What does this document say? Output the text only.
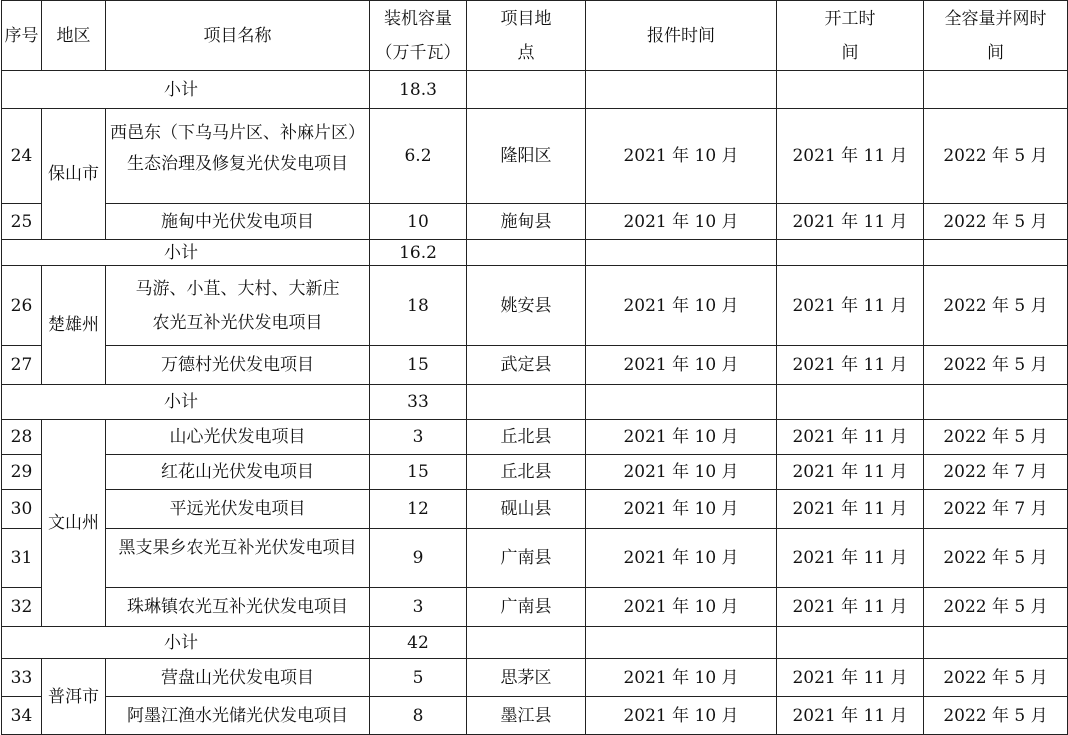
序号	地区	项目名称	装机容量（万千瓦）	项目地点	报件时间	开工时间	全容量并网时间
小计			18.3				
24	保山市	西邑东（下乌马片区、补麻片区）生态治理及修复光伏发电项目	6.2	隆阳区	2021 年 10 月	2021 年 11 月	2022 年 5 月
25		施甸中光伏发电项目	10	施甸县	2021 年 10 月	2021 年 11 月	2022 年 5 月
小计			16.2				
26	楚雄州	马游、小苴、大村、大新庄农光互补光伏发电项目	18	姚安县	2021 年 10 月	2021 年 11 月	2022 年 5 月
27		万德村光伏发电项目	15	武定县	2021 年 10 月	2021 年 11 月	2022 年 5 月
小计			33				
28	文山州	山心光伏发电项目	3	丘北县	2021 年 10 月	2021 年 11 月	2022 年 5 月
29		红花山光伏发电项目	15	丘北县	2021 年 10 月	2021 年 11 月	2022 年 7 月
30		平远光伏发电项目	12	砚山县	2021 年 10 月	2021 年 11 月	2022 年 7 月
31		黑支果乡农光互补光伏发电项目	9	广南县	2021 年 10 月	2021 年 11 月	2022 年 5 月
32		珠琳镇农光互补光伏发电项目	3	广南县	2021 年 10 月	2021 年 11 月	2022 年 5 月
小计			42				
33	普洱市	营盘山光伏发电项目	5	思茅区	2021 年 10 月	2021 年 11 月	2022 年 5 月
34		阿墨江渔水光储光伏发电项目	8	墨江县	2021 年 10 月	2021 年 11 月	2022 年 5 月
